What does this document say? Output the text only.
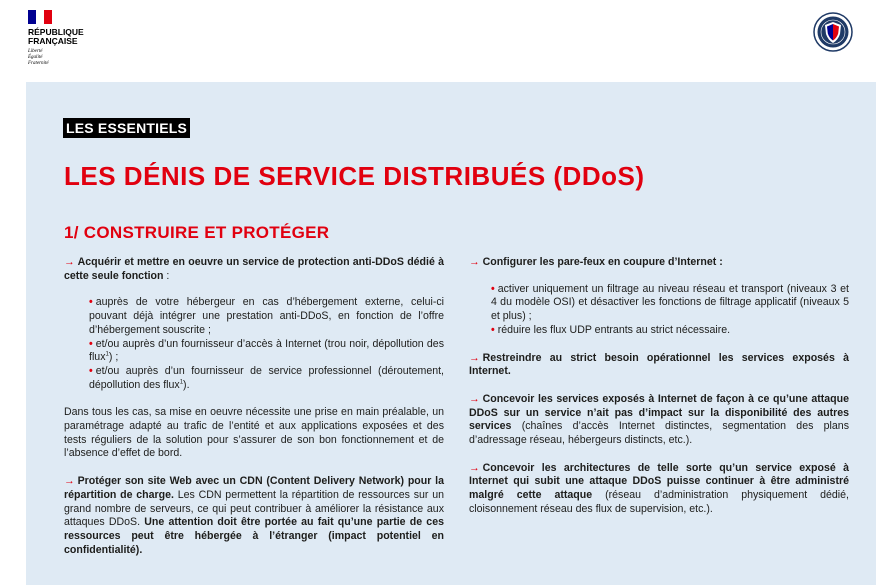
RÉPUBLIQUE
FRANÇAISE
Liberté
Égalité
Fraternité
LES ESSENTIELS
LES DÉNIS DE SERVICE DISTRIBUÉS (DDoS)
1/ CONSTRUIRE ET PROTÉGER

→ Acquérir et mettre en oeuvre un service de protection anti-DDoS dédié à cette seule fonction :

• auprès de votre hébergeur en cas d’hébergement externe, celui-ci pouvant déjà intégrer une prestation anti-DDoS, en fonction de l’offre d’hébergement souscrite ;

• et/ou auprès d’un fournisseur d’accès à Internet (trou noir, dépollution des flux$^1$) ;

• et/ou auprès d’un fournisseur de service professionnel (déroutement, dépollution des flux$^1$).

Dans tous les cas, sa mise en oeuvre nécessite une prise en main préalable, un paramétrage adapté au trafic de l’entité et aux applications exposées et des tests réguliers de la solution pour s’assurer de son bon fonctionnement et de l’absence d’effet de bord.

→ Protéger son site Web avec un CDN (Content Delivery Network) pour la répartition de charge. Les CDN permettent la répartition de ressources sur un grand nombre de serveurs, ce qui peut contribuer à améliorer la résistance aux attaques DDoS. Une attention doit être portée au fait qu’une partie de ces ressources peut être hébergée à l’étranger (impact potentiel en confidentialité).

→ Configurer les pare-feux en coupure d’Internet :

• activer uniquement un filtrage au niveau réseau et transport (niveaux 3 et 4 du modèle OSI) et désactiver les fonctions de filtrage applicatif (niveaux 5 et plus) ;

• réduire les flux UDP entrants au strict nécessaire.

→ Restreindre au strict besoin opérationnel les services exposés à Internet.

→ Concevoir les services exposés à Internet de façon à ce qu’une attaque DDoS sur un service n’ait pas d’impact sur la disponibilité des autres services (chaînes d’accès Internet distinctes, segmentation des plans d’adressage réseau, hébergeurs distincts, etc.).

→ Concevoir les architectures de telle sorte qu’un service exposé à Internet qui subit une attaque DDoS puisse continuer à être administré malgré cette attaque (réseau d’administration physiquement dédié, cloisonnement réseau des flux de supervision, etc.).
